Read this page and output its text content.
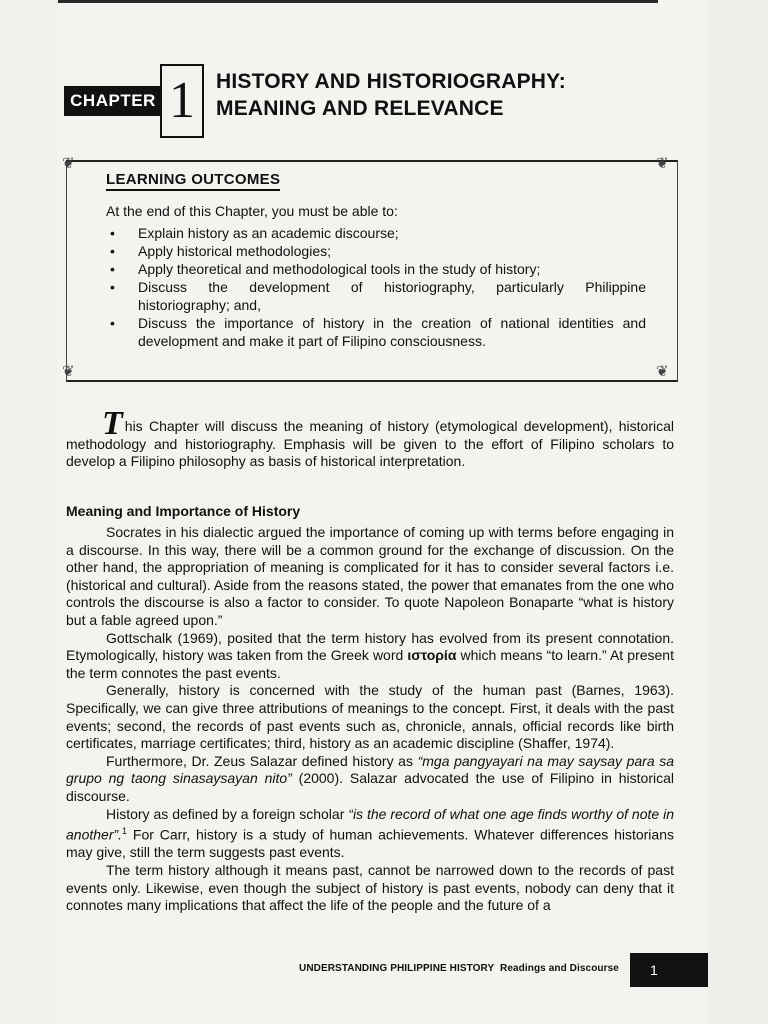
CHAPTER 1	HISTORY AND HISTORIOGRAPHY:
MEANING AND RELEVANCE
❦	❦
❦	❦
LEARNING OUTCOMES
At the end of this Chapter, you must be able to:
• Explain history as an academic discourse;
• Apply historical methodologies;
• Apply theoretical and methodological tools in the study of history;
• Discuss the development of historiography, particularly Philippine
historiography; and,
• Discuss the importance of history in the creation of national identities and
development and make it part of Filipino consciousness.
This Chapter will discuss the meaning of history (etymological development), historical methodology and historiography. Emphasis will be given to the effort of Filipino scholars to develop a Filipino philosophy as basis of historical interpretation.
Meaning and Importance of History

Socrates in his dialectic argued the importance of coming up with terms before engaging in a discourse. In this way, there will be a common ground for the exchange of discussion. On the other hand, the appropriation of meaning is complicated for it has to consider several factors i.e. (historical and cultural). Aside from the reasons stated, the power that emanates from the one who controls the discourse is also a factor to consider. To quote Napoleon Bonaparte “what is history but a fable agreed upon.”

Gottschalk (1969), posited that the term history has evolved from its present connotation. Etymologically, history was taken from the Greek word ιστορία which means “to learn.” At present the term connotes the past events.

Generally, history is concerned with the study of the human past (Barnes, 1963). Specifically, we can give three attributions of meanings to the concept. First, it deals with the past events; second, the records of past events such as, chronicle, annals, official records like birth certificates, marriage certificates; third, history as an academic discipline (Shaffer, 1974).

Furthermore, Dr. Zeus Salazar defined history as “mga pangyayari na may saysay para sa grupo ng taong sinasaysayan nito” (2000). Salazar advocated the use of Filipino in historical discourse.

History as defined by a foreign scholar “is the record of what one age finds worthy of note in another”.$^1$ For Carr, history is a study of human achievements. Whatever differences historians may give, still the term suggests past events.

The term history although it means past, cannot be narrowed down to the records of past events only. Likewise, even though the subject of history is past events, nobody can deny that it connotes many implications that affect the life of the people and the future of a

UNDERSTANDING PHILIPPINE HISTORY Readings and Discourse	1
